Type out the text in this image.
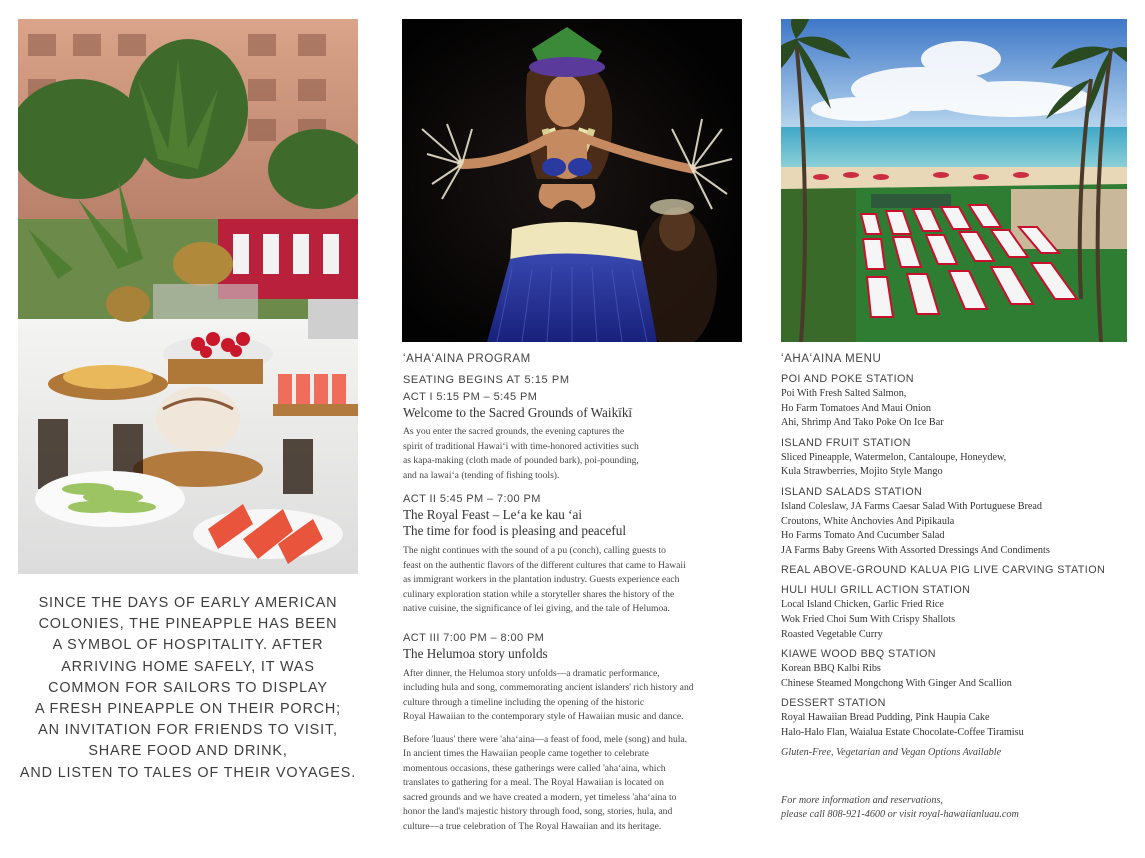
SINCE THE DAYS OF EARLY AMERICAN
COLONIES, THE PINEAPPLE HAS BEEN
A SYMBOL OF HOSPITALITY. AFTER
ARRIVING HOME SAFELY, IT WAS
COMMON FOR SAILORS TO DISPLAY
A FRESH PINEAPPLE ON THEIR PORCH;
AN INVITATION FOR FRIENDS TO VISIT,
SHARE FOOD AND DRINK,
AND LISTEN TO TALES OF THEIR VOYAGES.
ʻAHAʻAINA PROGRAM
SEATING BEGINS AT 5:15 PM
ACT I 5:15 PM – 5:45 PM
Welcome to the Sacred Grounds of Waikīkī
As you enter the sacred grounds, the evening captures the
spirit of traditional Hawaiʻi with time-honored activities such
as kapa-making (cloth made of pounded bark), poi-pounding,
and na lawaiʻa (tending of fishing tools).
ACT II 5:45 PM – 7:00 PM
The Royal Feast – Leʻa ke kau ʻai
The time for food is pleasing and peaceful
The night continues with the sound of a pu (conch), calling guests to
feast on the authentic flavors of the different cultures that came to Hawaii
as immigrant workers in the plantation industry. Guests experience each
culinary exploration station while a storyteller shares the history of the
native cuisine, the significance of lei giving, and the tale of Helumoa.
ACT III 7:00 PM – 8:00 PM
The Helumoa story unfolds
After dinner, the Helumoa story unfolds—a dramatic performance,
including hula and song, commemorating ancient islanders' rich history and
culture through a timeline including the opening of the historic
Royal Hawaiian to the contemporary style of Hawaiian music and dance.
Before 'luaus' there were 'ahaʻaina—a feast of food, mele (song) and hula.
In ancient times the Hawaiian people came together to celebrate
momentous occasions, these gatherings were called 'ahaʻaina, which
translates to gathering for a meal. The Royal Hawaiian is located on
sacred grounds and we have created a modern, yet timeless 'ahaʻaina to
honor the land's majestic history through food, song, stories, hula, and
culture—a true celebration of The Royal Hawaiian and its heritage.
ʻAHAʻAINA MENU
POI AND POKE STATION
Poi With Fresh Salted Salmon,
Ho Farm Tomatoes And Maui Onion
Ahi, Shrimp And Tako Poke On Ice Bar
ISLAND FRUIT STATION
Sliced Pineapple, Watermelon, Cantaloupe, Honeydew,
Kula Strawberries, Mojito Style Mango
ISLAND SALADS STATION
Island Coleslaw, JA Farms Caesar Salad With Portuguese Bread
Croutons, White Anchovies And Pipikaula
Ho Farms Tomato And Cucumber Salad
JA Farms Baby Greens With Assorted Dressings And Condiments
REAL ABOVE-GROUND KALUA PIG LIVE CARVING STATION
HULI HULI GRILL ACTION STATION
Local Island Chicken, Garlic Fried Rice
Wok Fried Choi Sum With Crispy Shallots
Roasted Vegetable Curry
KIAWE WOOD BBQ STATION
Korean BBQ Kalbi Ribs
Chinese Steamed Mongchong With Ginger And Scallion
DESSERT STATION
Royal Hawaiian Bread Pudding, Pink Haupia Cake
Halo-Halo Flan, Waialua Estate Chocolate-Coffee Tiramisu
Gluten-Free, Vegetarian and Vegan Options Available
For more information and reservations,
please call 808-921-4600 or visit royal-hawaiianluau.com
